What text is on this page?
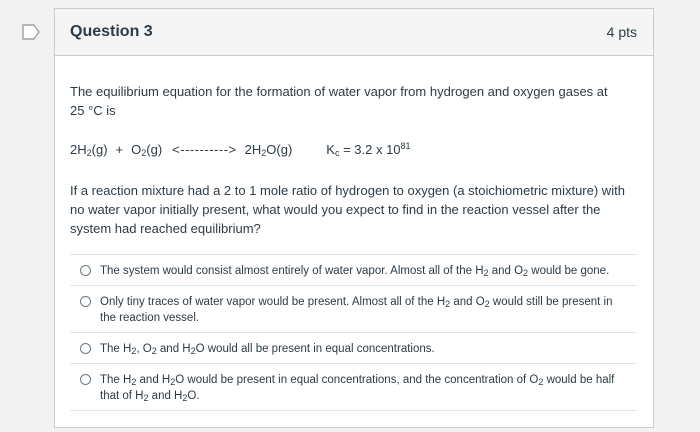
Question 3	4 pts
The equilibrium equation for the formation of water vapor from hydrogen and oxygen gases at
25 °C is
$2H_2(g) + O_2(g)$ <----------> $2H_2O(g)$	$K_c = 3.2$ x $10^{81}$
If a reaction mixture had a 2 to 1 mole ratio of hydrogen to oxygen (a stoichiometric mixture) with no water vapor initially present, what would you expect to find in the reaction vessel after the system had reached equilibrium?
The system would consist almost entirely of water vapor. Almost all of the $H_2$ and $O_2$ would be gone.
Only tiny traces of water vapor would be present. Almost all of the $H_2$ and $O_2$ would still be present in the reaction vessel.
The $H_2$, $O_2$ and $H_2O$ would all be present in equal concentrations.
The $H_2$ and $H_2O$ would be present in equal concentrations, and the concentration of $O_2$ would be half that of $H_2$ and $H_2O$.
